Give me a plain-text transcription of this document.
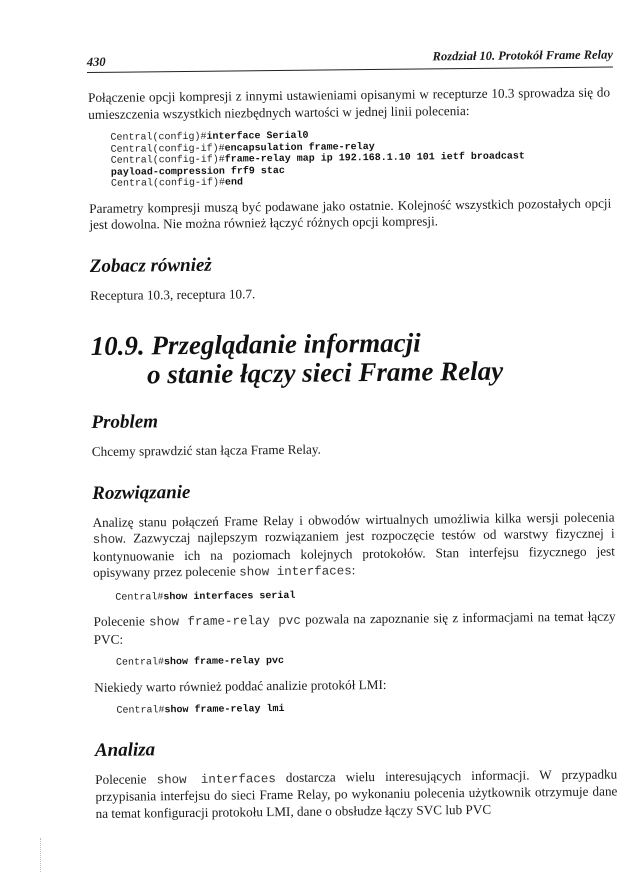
430	Rozdział 10. Protokół Frame Relay

Połączenie opcji kompresji z innymi ustawieniami opisanymi w recepturze 10.3 sprowadza się do umieszczenia wszystkich niezbędnych wartości w jednej linii polecenia:

Central(config)#interface Serial0
Central(config-if)#encapsulation frame-relay
Central(config-if)#frame-relay map ip 192.168.1.10 101 ietf broadcast
payload-compression frf9 stac
Central(config-if)#end

Parametry kompresji muszą być podawane jako ostatnie. Kolejność wszystkich pozostałych opcji jest dowolna. Nie można również łączyć różnych opcji kompresji.

Zobacz również

Receptura 10.3, receptura 10.7.

10.9. Przeglądanie informacji
o stanie łączy sieci Frame Relay
Problem

Chcemy sprawdzić stan łącza Frame Relay.

Rozwiązanie

Analizę stanu połączeń Frame Relay i obwodów wirtualnych umożliwia kilka wersji polecenia show. Zazwyczaj najlepszym rozwiązaniem jest rozpoczęcie testów od warstwy fizycznej i kontynuowanie ich na poziomach kolejnych protokołów. Stan interfejsu fizycznego jest opisywany przez polecenie show interfaces:

Central#show interfaces serial

Polecenie show frame-relay pvc pozwala na zapoznanie się z informacjami na temat łączy PVC:

Central#show frame-relay pvc

Niekiedy warto również poddać analizie protokół LMI:

Central#show frame-relay lmi
Analiza

Polecenie show interfaces dostarcza wielu interesujących informacji. W przypadku przypisania interfejsu do sieci Frame Relay, po wykonaniu polecenia użytkownik otrzymuje dane na temat konfiguracji protokołu LMI, dane o obsłudze łączy SVC lub PVC
